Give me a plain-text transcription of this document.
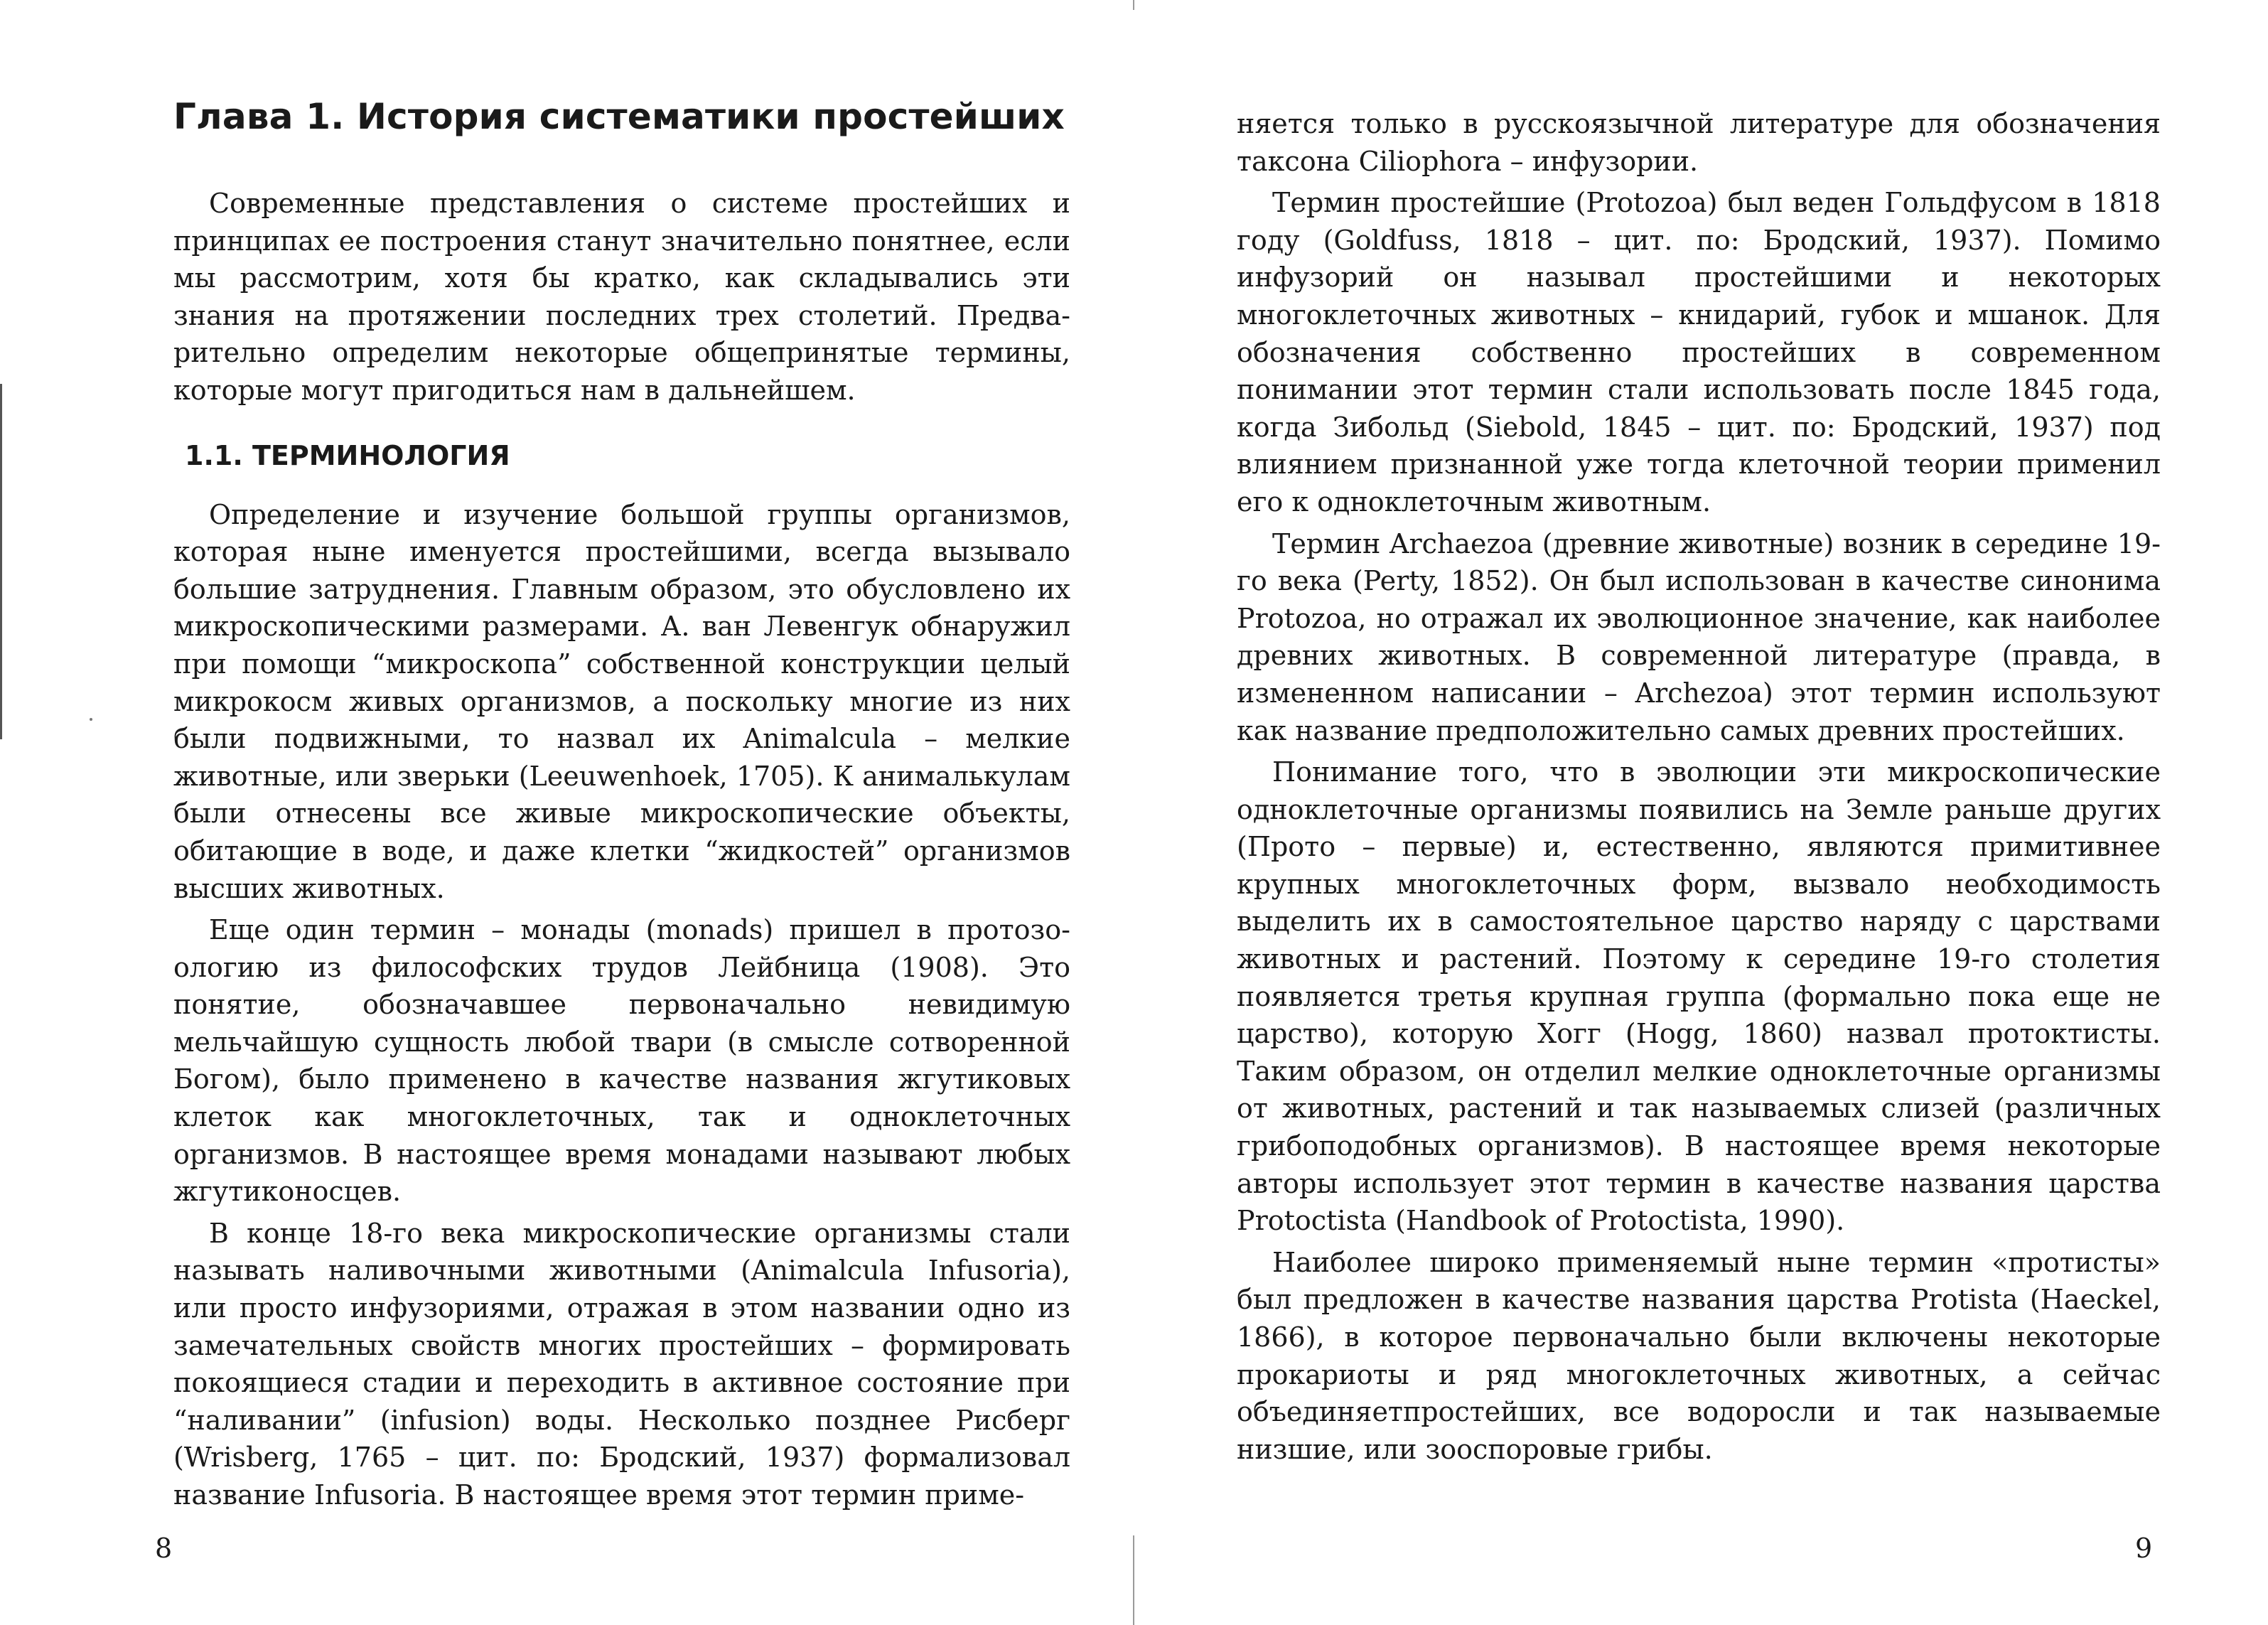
Глава 1. История систематики простейших

Современные представления о системе простейших и принципах ее построения станут значительно понятнее, если мы рассмотрим, хотя бы кратко, как складывались эти знания на протяжении последних трех столетий. Предварительно определим некоторые общепринятые термины, которые могут пригодиться нам в дальнейшем.

1.1. ТЕРМИНОЛОГИЯ

Определение и изучение большой группы организмов, которая ныне именуется простейшими, всегда вызывало большие затруднения. Главным образом, это обусловлено их микроскопическими размерами. А. ван Левенгук обнаружил при помощи “микроскопа” собственной конструкции целый микрокосм живых организмов, а поскольку многие из них были подвижными, то назвал их Animalcula – мелкие животные, или зверьки (Leeuwenhoek, 1705). К анималькулам были отнесены все живые микроскопические объекты, обитающие в воде, и даже клетки “жидкостей” организмов высших животных.

Еще один термин – монады (monads) пришел в протозоологию из философских трудов Лейбница (1908). Это понятие, обозначавшее первоначально невидимую мельчайшую сущность любой твари (в смысле сотворенной Богом), было применено в качестве названия жгутиковых клеток как многоклеточных, так и одноклеточных организмов. В настоящее время монадами называют любых жгутиконосцев.

В конце 18-го века микроскопические организмы стали называть наливочными животными (Animalcula Infusoria), или просто инфузориями, отражая в этом названии одно из замечательных свойств многих простейших – формировать покоящиеся стадии и переходить в активное состояние при “наливании” (infusion) воды. Несколько позднее Рисберг (Wrisberg, 1765 – цит. по: Бродский, 1937) формализовал название Infusoria. В настоящее время этот термин приме-

8

няется только в русскоязычной литературе для обозначения таксона Ciliophora – инфузории.

Термин простейшие (Protozoa) был веден Гольдфусом в 1818 году (Goldfuss, 1818 – цит. по: Бродский, 1937). Помимо инфузорий он называл простейшими и некоторых многоклеточных животных – книдарий, губок и мшанок. Для обозначения собственно простейших в современном понимании этот термин стали использовать после 1845 года, когда Зибольд (Siebold, 1845 – цит. по: Бродский, 1937) под влиянием признанной уже тогда клеточной теории применил его к одноклеточным животным.

Термин Archaezoa (древние животные) возник в середине 19-го века (Perty, 1852). Он был использован в качестве синонима Protozoa, но отражал их эволюционное значение, как наиболее древних животных. В современной литературе (правда, в измененном написании – Archezoa) этот термин используют как название предположительно самых древних простейших.

Понимание того, что в эволюции эти микроскопические одноклеточные организмы появились на Земле раньше других (Прото – первые) и, естественно, являются примитивнее крупных многоклеточных форм, вызвало необходимость выделить их в самостоятельное царство наряду с царствами животных и растений. Поэтому к середине 19-го столетия появляется третья крупная группа (формально пока еще не царство), которую Хогг (Hogg, 1860) назвал протоктисты. Таким образом, он отделил мелкие одноклеточные организмы от животных, растений и так называемых слизей (различных грибоподобных организмов). В настоящее время некоторые авторы использует этот термин в качестве названия царства Protoctista (Handbook of Protoctista, 1990).

Наиболее широко применяемый ныне термин «протисты» был предложен в качестве названия царства Protista (Haeckel, 1866), в которое первоначально были включены некоторые прокариоты и ряд многоклеточных животных, а сейчас объединяетпростейших, все водоросли и так называемые низшие, или зооспоровые грибы.

9
